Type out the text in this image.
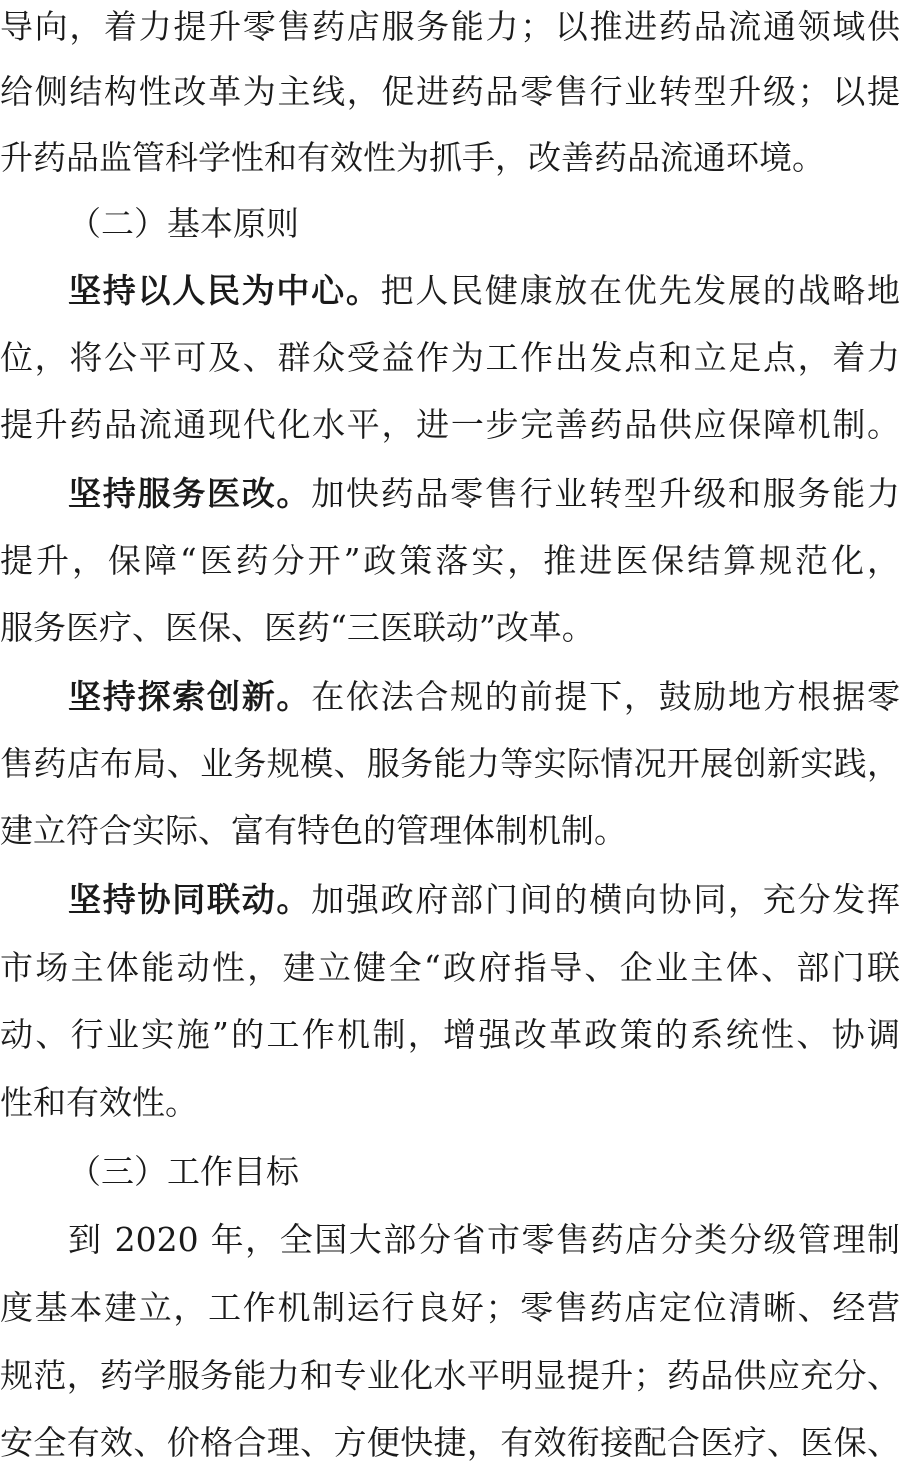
导向，着力提升零售药店服务能力；以推进药品流通领域供
给侧结构性改革为主线，促进药品零售行业转型升级；以提
升药品监管科学性和有效性为抓手，改善药品流通环境。
（二）基本原则
坚持以人民为中心。把人民健康放在优先发展的战略地
位，将公平可及、群众受益作为工作出发点和立足点，着力
提升药品流通现代化水平，进一步完善药品供应保障机制。
坚持服务医改。加快药品零售行业转型升级和服务能力
提升，保障“医药分开”政策落实，推进医保结算规范化，
服务医疗、医保、医药“三医联动”改革。
坚持探索创新。在依法合规的前提下，鼓励地方根据零
售药店布局、业务规模、服务能力等实际情况开展创新实践，
建立符合实际、富有特色的管理体制机制。
坚持协同联动。加强政府部门间的横向协同，充分发挥
市场主体能动性，建立健全“政府指导、企业主体、部门联
动、行业实施”的工作机制，增强改革政策的系统性、协调
性和有效性。
（三）工作目标
到 2020 年，全国大部分省市零售药店分类分级管理制
度基本建立，工作机制运行良好；零售药店定位清晰、经营
规范，药学服务能力和专业化水平明显提升；药品供应充分、
安全有效、价格合理、方便快捷，有效衔接配合医疗、医保、
